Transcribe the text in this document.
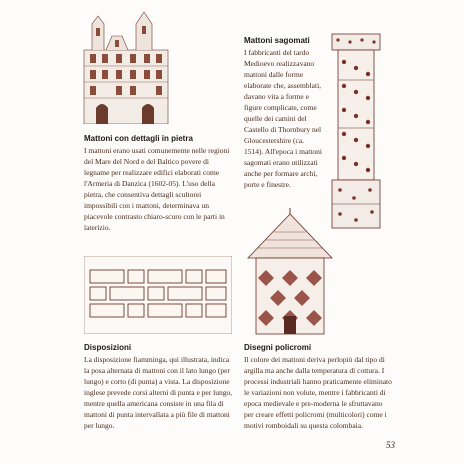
Mattoni con dettagli in pietra
I mattoni erano usati comunemente nelle regioni del Mare del Nord e del Baltico povere di legname per realizzare edifici elaborati come l'Armeria di Danzica (1602-05). L'uso della pietra, che consentiva dettagli scultorei impossibili con i mattoni, determinava un piacevole contrasto chiaro-scuro con le parti in laterizio.
Mattoni sagomati
I fabbricanti del tardo Medioevo realizzavano mattoni dalle forme elaborate che, assemblati, davano vita a forme e figure complicate, come quelle dei camini del Castello di Thornbury nel Gloucestershire (ca. 1514). All'epoca i mattoni sagomati erano utilizzati anche per formare archi, porte e finestre.
Disposizioni
La disposizione fiamminga, qui illustrata, indica la posa alternata di mattoni con il lato lungo (per lungo) e corto (di punta) a vista. La disposizione inglese prevede corsi alterni di punta e per lungo, mentre quella americana consiste in una fila di mattoni di punta intervallata a più file di mattoni per lungo.
Disegni policromi
Il colore dei mattoni deriva perlopiù dal tipo di argilla ma anche dalla temperatura di cottura. I processi industriali hanno praticamente eliminato le variazioni non volute, mentre i fabbricanti di epoca medievale e pre-moderna le sfruttavano per creare effetti policromi (multicolori) come i motivi romboidali su questa colombaia.
53
